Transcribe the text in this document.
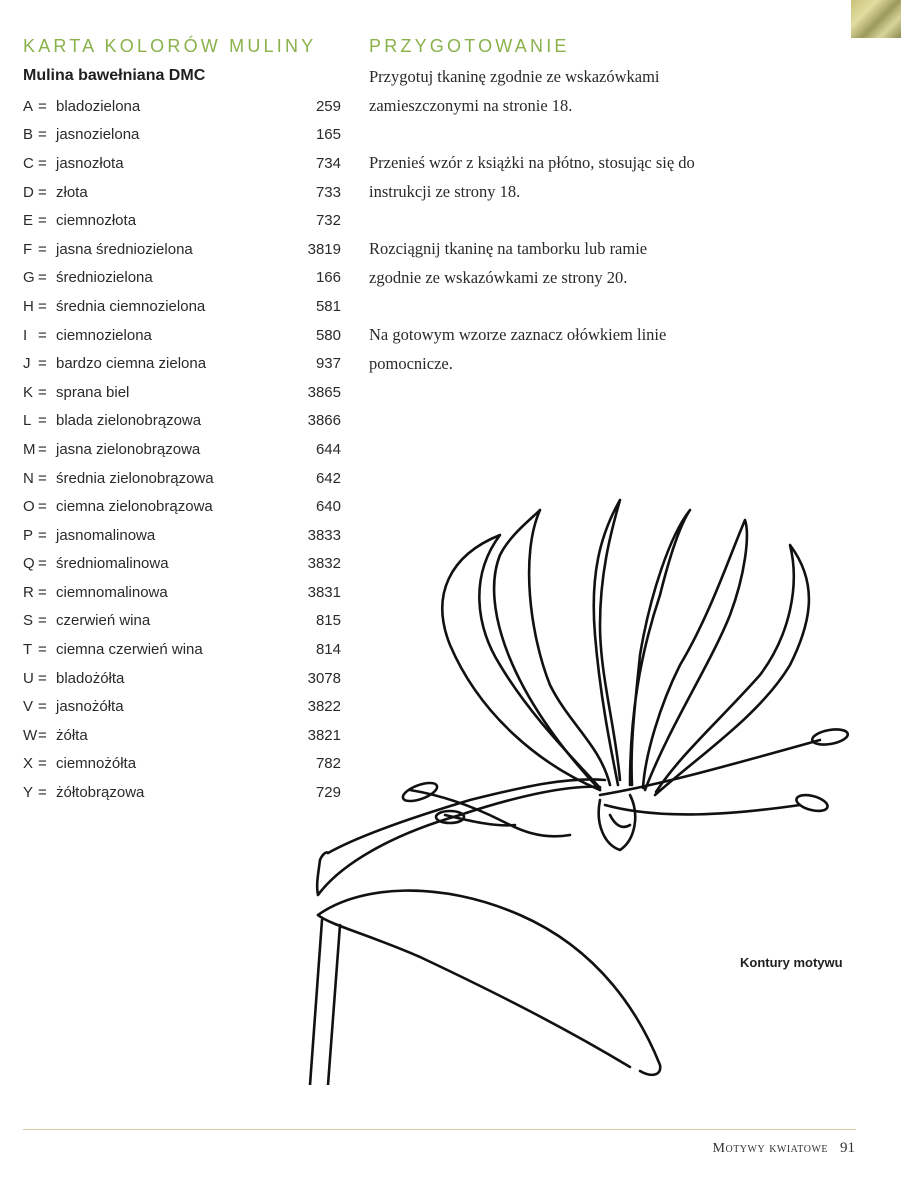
KARTA KOLORÓW MULINY
Mulina bawełniana DMC
A = bladozielona	259
B = jasnozielona	165
C = jasnozłota	734
D = złota	733
E = ciemnozłota	732
F = jasna średniozielona	3819
G = średniozielona	166
H = średnia ciemnozielona	581
I = ciemnozielona	580
J = bardzo ciemna zielona	937
K = sprana biel	3865
L = blada zielonobrązowa	3866
M = jasna zielonobrązowa	644
N = średnia zielonobrązowa	642
O = ciemna zielonobrązowa	640
P = jasnomalinowa	3833
Q = średniomalinowa	3832
R = ciemnomalinowa	3831
S = czerwień wina	815
T = ciemna czerwień wina	814
U = bladożółta	3078
V = jasnożółta	3822
W = żółta	3821
X = ciemnożółta	782
Y = żółtobrązowa	729
PRZYGOTOWANIE

Przygotuj tkaninę zgodnie ze wskazówkami zamieszczonymi na stronie 18.

Przenieś wzór z książki na płótno, stosując się do instrukcji ze strony 18.

Rozciągnij tkaninę na tamborku lub ramie zgodnie ze wskazówkami ze strony 20.

Na gotowym wzorze zaznacz ołówkiem linie pomocnicze.

Kontury motywu
Motywy kwiatowe 91
